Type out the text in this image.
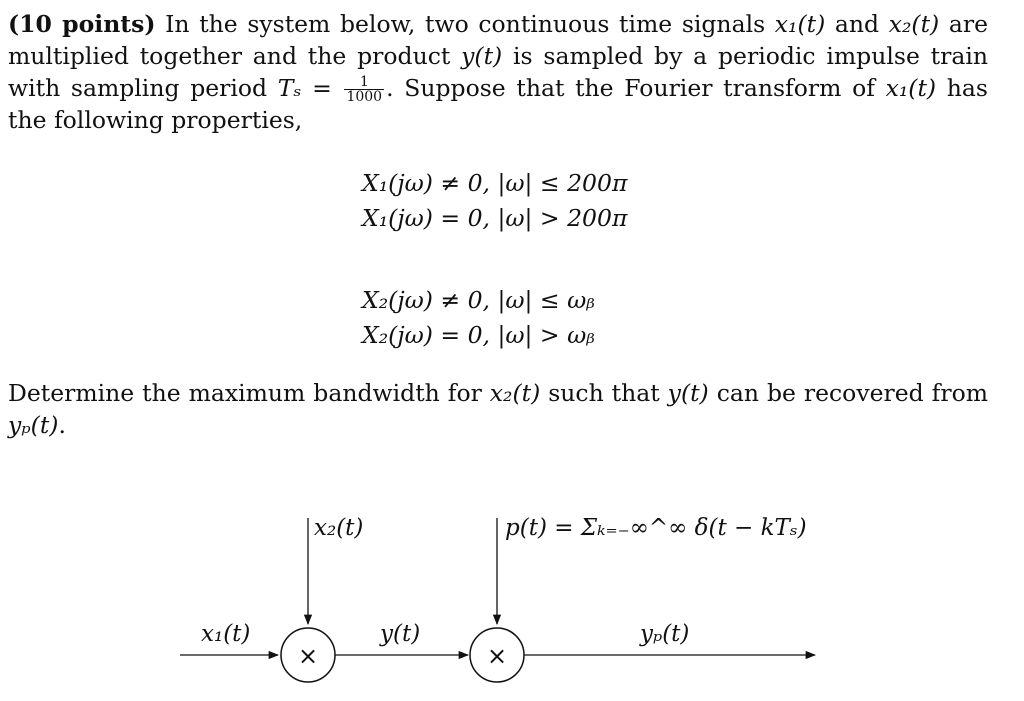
(10 points) In the system below, two continuous time signals x₁(t) and x₂(t) are multiplied together and the product y(t) is sampled by a periodic impulse train with sampling period $T_s = \frac{1}{1000}$ . Suppose that the Fourier transform of x₁(t) has the following properties,
X₁(jω) ≠ 0, |ω| ≤ 200π
X₁(jω) = 0, |ω| > 200π
X₂(jω) ≠ 0, |ω| ≤ ωᵦ
X₂(jω) = 0, |ω| > ωᵦ
Determine the maximum bandwidth for x₂(t) such that y(t) can be recovered from yₚ(t).
×	×
x₂(t)	p(t) = Σₖ₌₋∞^∞ δ(t − kTₛ)
x₁(t)	y(t)	yₚ(t)
